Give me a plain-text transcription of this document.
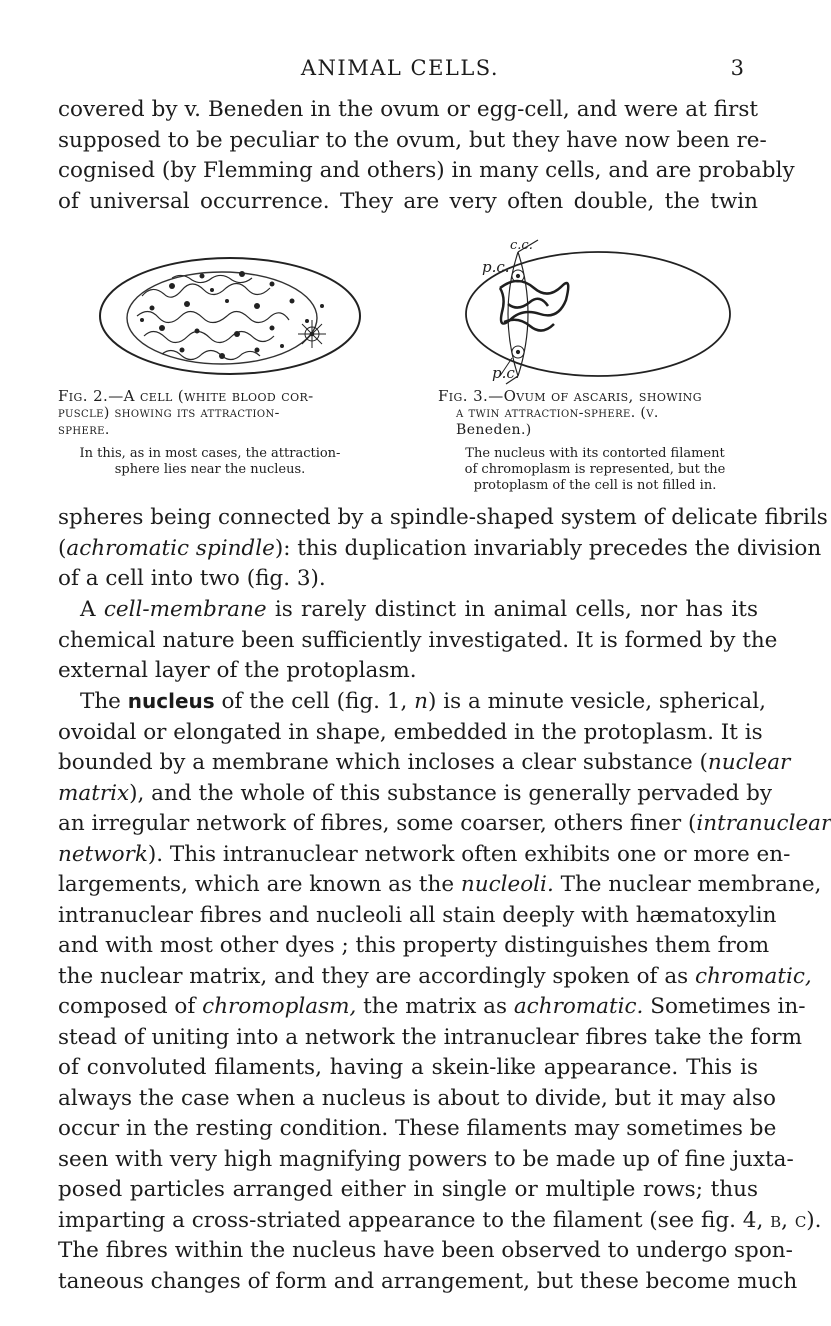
ANIMAL CELLS.	3
covered by v. Beneden in the ovum or egg-cell, and were at first
supposed to be peculiar to the ovum, but they have now been re-
cognised (by Flemming and others) in many cells, and are probably
of universal occurrence. They are very often double, the twin
c.c.
p.c.
p.c.
Fig. 2.—A cell (white blood cor-
puscle) showing its attraction-
sphere.
In this, as in most cases, the attraction-
sphere lies near the nucleus.
Fig. 3.—Ovum of ascaris, showing
a twin attraction-sphere. (v.
Beneden.)
The nucleus with its contorted filament
of chromoplasm is represented, but the
protoplasm of the cell is not filled in.
spheres being connected by a spindle-shaped system of delicate fibrils
(achromatic spindle): this duplication invariably precedes the division
of a cell into two (fig. 3).
A cell-membrane is rarely distinct in animal cells, nor has its
chemical nature been sufficiently investigated. It is formed by the
external layer of the protoplasm.
The nucleus of the cell (fig. 1, n) is a minute vesicle, spherical,
ovoidal or elongated in shape, embedded in the protoplasm. It is
bounded by a membrane which incloses a clear substance (nuclear
matrix), and the whole of this substance is generally pervaded by
an irregular network of fibres, some coarser, others finer (intranuclear
network). This intranuclear network often exhibits one or more en-
largements, which are known as the nucleoli. The nuclear membrane,
intranuclear fibres and nucleoli all stain deeply with hæmatoxylin
and with most other dyes ; this property distinguishes them from
the nuclear matrix, and they are accordingly spoken of as chromatic,
composed of chromoplasm, the matrix as achromatic. Sometimes in-
stead of uniting into a network the intranuclear fibres take the form
of convoluted filaments, having a skein-like appearance. This is
always the case when a nucleus is about to divide, but it may also
occur in the resting condition. These filaments may sometimes be
seen with very high magnifying powers to be made up of fine juxta-
posed particles arranged either in single or multiple rows; thus
imparting a cross-striated appearance to the filament (see fig. 4, b, c).
The fibres within the nucleus have been observed to undergo spon-
taneous changes of form and arrangement, but these become much
